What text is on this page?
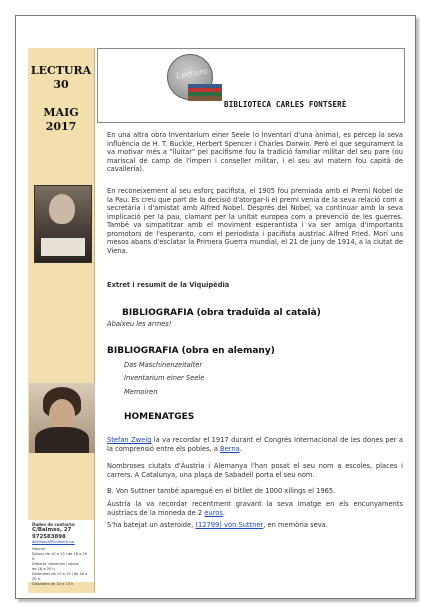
LECTURA
30
MAIG
2017
Dades de contacte:
C/Balmes, 27
972583898
biblioteca@fontsere.cat
Horaris
Dilluns de 10 a 13 i de 16 a 20 h.
Dimarts, dimecres i dijous
de 16 a 20 h.
Divendres de 10 a 13 i de 16 a 20 h.
Dissabtes de 10 a 13 h.
Lectura
BIBLIOTECA CARLES FONTSERÈ

En una altra obra Inventarium einer Seele (o Inventari d'una ànima), es percep la seva influència de H. T. Buckle, Herbert Spencer i Charles Darwin. Però el que segurament la va motivar més a "lluitar" pel pacifisme fou la tradició familiar militar del seu pare (ou mariscal de camp de l'imperi i conseller militar, i el seu avi matern fou capità de cavalleria).

En reconeixement al seu esforç pacifista, el 1905 fou premiada amb el Premi Nobel de la Pau. Es creu que part de la decisió d'atorgar-li el premi venia de la seva relació com a secretària i d'amistat amb Alfred Nobel. Després del Nobel, va continuar amb la seva implicació per la pau, clamant per la unitat europea com a prevenció de les guerres. També va simpatitzar amb el moviment esperantista i va ser amiga d'importants promotors de l'esperanto, com el periodista i pacifista austríac Alfred Fried. Morí uns mesos abans d'esclatar la Primera Guerra mundial, el 21 de juny de 1914, a la ciutat de Viena.

Extret i resumit de la Viquipèdia

BIBLIOGRAFIA (obra traduïda al català)

Abaixeu les armes!

BIBLIOGRAFIA (obra en alemany)

Das Maschinenzeitalter

Inventarium einer Seele

Memoiren

HOMENATGES

Stefan Zweig la va recordar el 1917 durant el Congrés Internacional de les dones per a la comprensió entre els pobles, a Berna.

Nombroses ciutats d'Àustria i Alemanya l'han posat el seu nom a escoles, places i carrers. A Catalunya, una plaça de Sabadell porta el seu nom.

B. Von Suttner també aparegué en el bitllet de 1000 xílings el 1965.

Àustria la va recordar recentment gravant la seva imatge en els encunyaments austríacs de la moneda de 2 euros.

S'ha batejat un asteroide, (12799) von Suttner, en memòria seva.
